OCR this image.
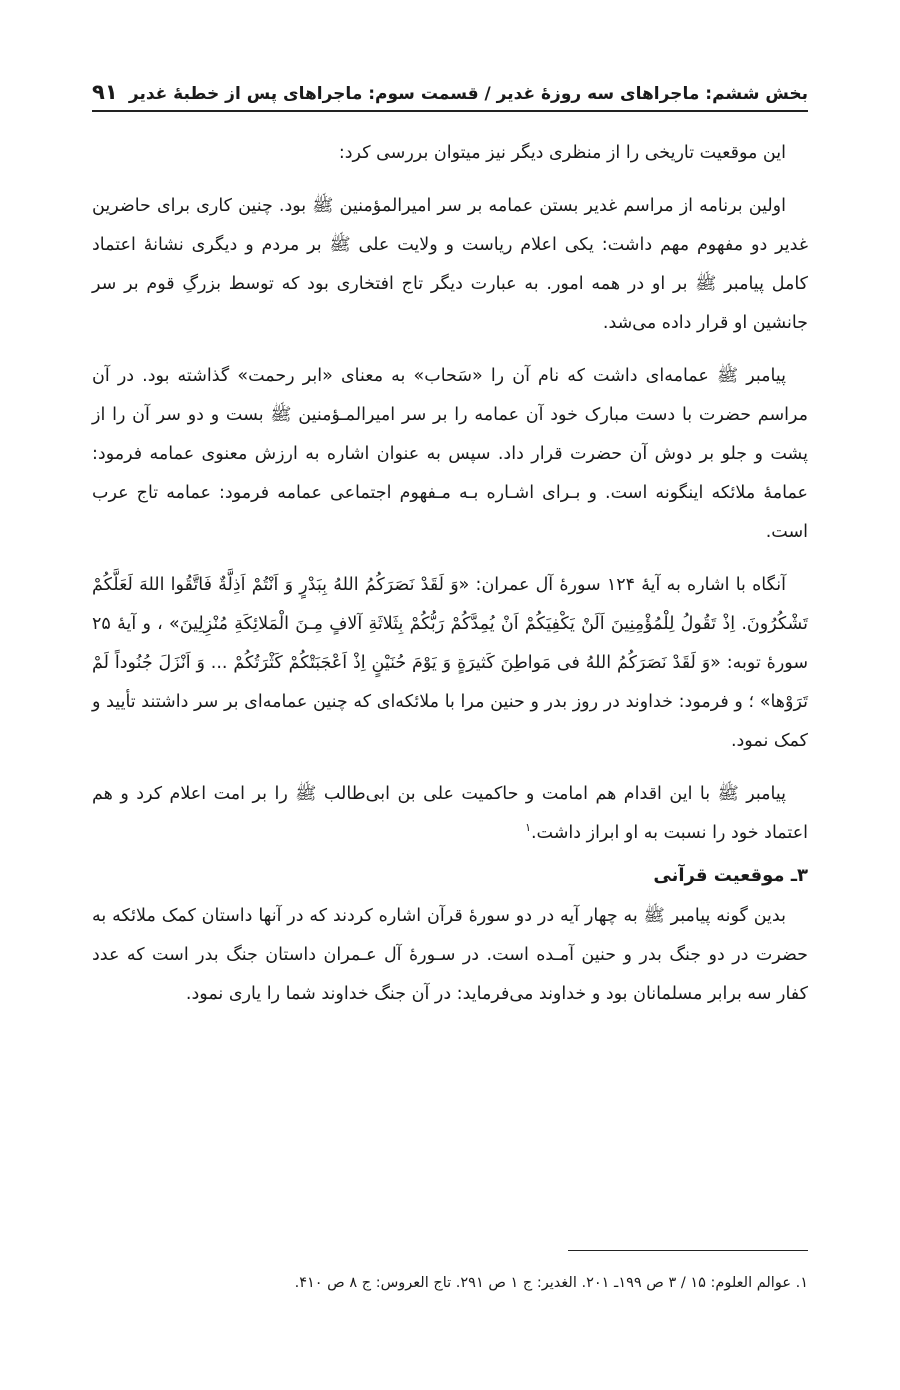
بخش ششم: ماجراهای سه روزۀ غدیر / قسمت سوم: ماجراهای پس از خطبۀ غدیر
۹۱

این موقعیت تاریخی را از منظری دیگر نیز میتوان بررسی کرد:

اولین برنامه از مراسم غدیر بستن عمامه بر سر امیرالمؤمنین ﷺ بود. چنین کاری برای حاضرین غدیر دو مفهوم مهم داشت: یکی اعلام ریاست و ولایت علی ﷺ بر مردم و دیگری نشانۀ اعتماد کامل پیامبر ﷺ بر او در همه امور. به عبارت دیگر تاج افتخاری بود که توسط بزرگِ قوم بر سر جانشین او قرار داده می‌شد.

پیامبر ﷺ عمامه‌ای داشت که نام آن را «سَحاب» به معنای «ابر رحمت» گذاشته بود. در آن مراسم حضرت با دست مبارک خود آن عمامه را بر سر امیرالمـؤمنین ﷺ بست و دو سر آن را از پشت و جلو بر دوش آن حضرت قرار داد. سپس به عنوان اشاره به ارزش معنوی عمامه فرمود: عمامۀ ملائکه اینگونه است. و بـرای اشـاره بـه مـفهوم اجتماعی عمامه فرمود: عمامه تاج عرب است.

آنگاه با اشاره به آیۀ ۱۲۴ سورۀ آل عمران: «وَ لَقَدْ نَصَرَکُمُ اللهُ بِبَدْرٍ وَ اَنْتُمْ اَذِلَّةٌ فَاتَّقُوا اللهَ لَعَلَّکُمْ تَشْکُرُونَ. اِذْ تَقُولُ لِلْمُؤْمِنِینَ اَلَنْ یَکْفِیَکُمْ اَنْ یُمِدَّکُمْ رَبُّکُمْ بِثَلاثَةِ آلافٍ مِـنَ الْمَلائِکَةِ مُنْزِلِینَ» ، و آیۀ ۲۵ سورۀ توبه: «وَ لَقَدْ نَصَرَکُمُ اللهُ فی مَواطِنَ کَثیرَةٍ وَ یَوْمَ حُنَیْنٍ اِذْ اَعْجَبَتْکُمْ کَثْرَتُکُمْ ... وَ اَنْزَلَ جُنُوداً لَمْ تَرَوْها» ؛ و فرمود: خداوند در روز بدر و حنین مرا با ملائکه‌ای که چنین عمامه‌ای بر سر داشتند تأیید و کمک نمود.

پیامبر ﷺ با این اقدام هم امامت و حاکمیت علی بن ابی‌طالب ﷺ را بر امت اعلام کرد و هم اعتماد خود را نسبت به او ابراز داشت.$^۱$

۳ـ موقعیت قرآنی

بدین گونه پیامبر ﷺ به چهار آیه در دو سورۀ قرآن اشاره کردند که در آنها داستان کمک ملائکه به حضرت در دو جنگ بدر و حنین آمـده است. در سـورۀ آل عـمران داستان جنگ بدر است که عدد کفار سه برابر مسلمانان بود و خداوند می‌فرماید: در آن جنگ خداوند شما را یاری نمود.

۱. عوالم العلوم: ۱۵ / ۳ ص ۱۹۹ـ ۲۰۱. الغدیر: ج ۱ ص ۲۹۱. تاج العروس: ج ۸ ص ۴۱۰.
